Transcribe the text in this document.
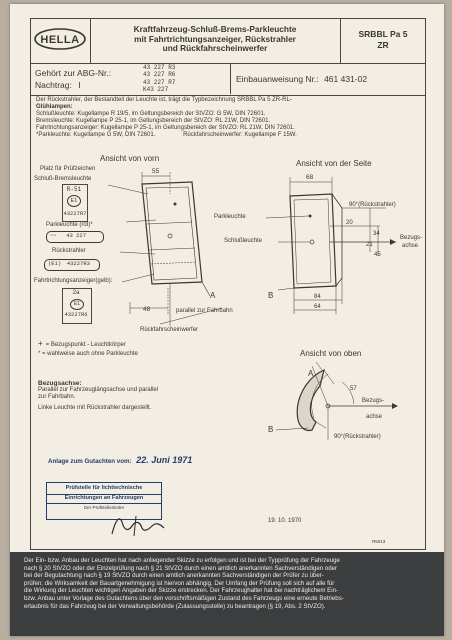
HELLA
Kraftfahrzeug-Schluß-Brems-Parkleuchte
mit Fahrtrichtungsanzeiger, Rückstrahler
und Rückfahrscheinwerfer
SRBBL Pa 5
ZR
Gehört zur ABG-Nr.:
43 227 R3
43 227 R6
43 227 R7
K43 227
Nachtrag: I
Einbauanweisung Nr.: 461 431-02
Der Rückstrahler, der Bestandteil der Leuchte ist, trägt die Typbezeichnung SRBBL Pa 5 ZR-RL-
Glühlampen:
Schlußleuchte: Kugellampe R 19/5, im Geltungsbereich der StVZO: G 5W, DIN 72601.
Bremsleuchte: Kugellampe P 25-1, im Geltungsbereich der StVZO: RL 21W, DIN 72601.
Fahrtrichtungsanzeiger: Kugellampe P 25-1, im Geltungsbereich der StVZO: RL 21W, DIN 72601.
*Parkleuchte: Kugellampe G 5W, DIN 72601.	Rückfahrscheinwerfer: Kugellampe F 15W.
Ansicht von vorn
Platz für Prüfzeichen
Schluß-Bremsleuchte
55
48
A
R-51
E1
43227R7
Parkleuchte (rot)*
~~ 43 227
Rückstrahler
(E1) 43227R3
Fahrtrichtungsanzeiger(gelb):
2a
E1
43227R6	parallel zur Fahrbahn
Rückfahrscheinwerfer
Ansicht von der Seite
68
90°(Rückstrahler)
20
34
21
45
Bezugs-
achse
B	84
64
Parkleuchte
Schlußleuchte
+ = Bezugspunkt - Leuchtkörper
* = wahlweise auch ohne Parkleuchte
Bezugsachse:
Parallel zur Fahrzeuglängsachse und parallel
zur Fahrbahn.
Linke Leuchte mit Rückstrahler dargestellt.
Ansicht von oben
A
57
Bezugs-
achse
B
90°(Rückstrahler)
Anlage zum Gutachten vom: 22. Juni 1971
Prüfstelle für lichttechnische
Einrichtungen an Fahrzeugen
Der Prüfstellenleiter
19. 10. 1970
R5013
Der Ein- bzw. Anbau der Leuchten hat nach anliegender Skizze zu erfolgen und ist bei der Typprüfung der Fahrzeuge
nach § 20 StVZO oder der Einzelprüfung nach § 21 StVZO durch einen amtlich anerkannten Sachverständigen oder
bei der Begutachtung nach § 19 StVZO durch einen amtlich anerkannten Sachverständigen der Prüfer zu über-
prüfen; die Wirksamkeit der Bauartgenehmigung ist hiervon abhängig. Der Umfang der Prüfung soll sich auf alle für
die Wirkung der Leuchten wichtigen Angaben der Skizze erstrecken. Der Fahrzeughalter hat bei nachträglichem Ein-
bzw. Anbau unter Vorlage des Gutachtens über den vorschriftsmäßigen Zustand des Fahrzeugs eine erneute Betriebs-
erlaubnis für das Fahrzeug bei der Verwaltungsbehörde (Zulassungsstelle) zu beantragen (§ 19, Abs. 2 StVZO).
